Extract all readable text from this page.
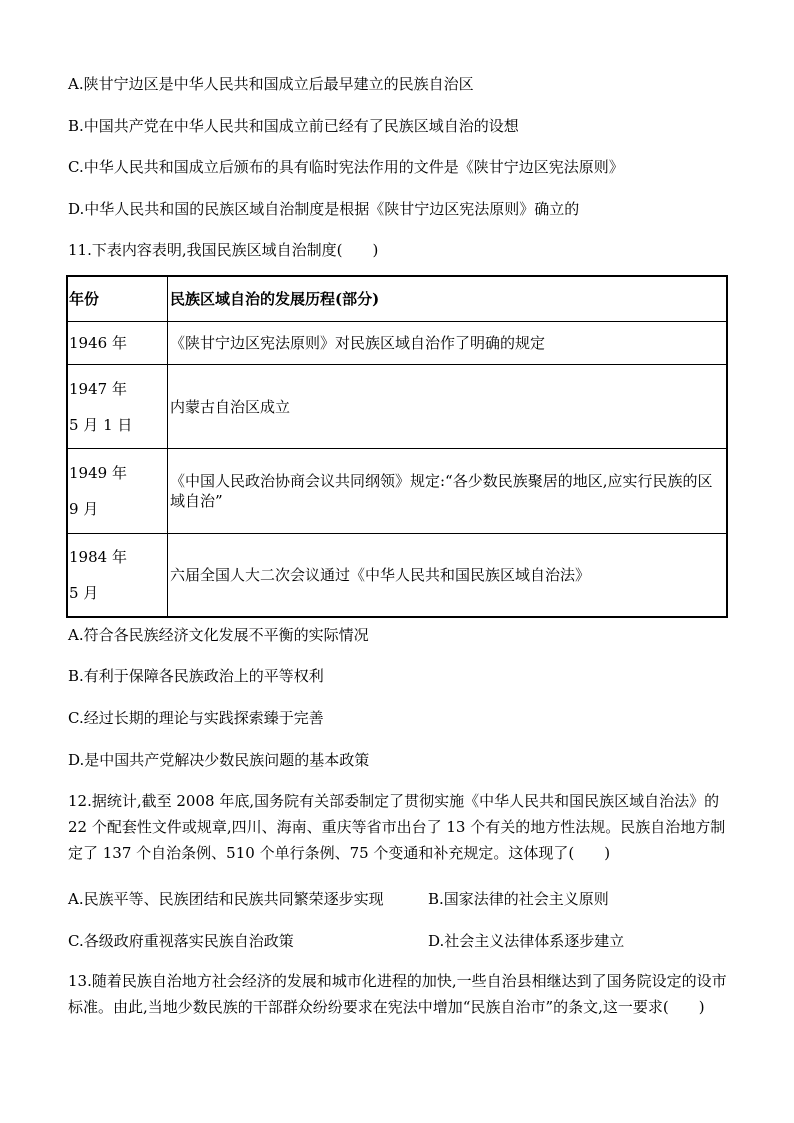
A.陕甘宁边区是中华人民共和国成立后最早建立的民族自治区
B.中国共产党在中华人民共和国成立前已经有了民族区域自治的设想
C.中华人民共和国成立后颁布的具有临时宪法作用的文件是《陕甘宁边区宪法原则》
D.中华人民共和国的民族区域自治制度是根据《陕甘宁边区宪法原则》确立的
11.下表内容表明,我国民族区域自治制度(　　)
年份	民族区域自治的发展历程(部分)
1946 年	《陕甘宁边区宪法原则》对民族区域自治作了明确的规定

1947 年
5 月 1 日	内蒙古自治区成立

1949 年
9 月	《中国人民政治协商会议共同纲领》规定:“各少数民族聚居的地区,应实行民族的区域自治”

1984 年
5 月	六届全国人大二次会议通过《中华人民共和国民族区域自治法》
A.符合各民族经济文化发展不平衡的实际情况
B.有利于保障各民族政治上的平等权利
C.经过长期的理论与实践探索臻于完善
D.是中国共产党解决少数民族问题的基本政策
12.据统计,截至 2008 年底,国务院有关部委制定了贯彻实施《中华人民共和国民族区域自治法》的 22 个配套性文件或规章,四川、海南、重庆等省市出台了 13 个有关的地方性法规。民族自治地方制定了 137 个自治条例、510 个单行条例、75 个变通和补充规定。这体现了(　　)
A.民族平等、民族团结和民族共同繁荣逐步实现	B.国家法律的社会主义原则
C.各级政府重视落实民族自治政策	D.社会主义法律体系逐步建立
13.随着民族自治地方社会经济的发展和城市化进程的加快,一些自治县相继达到了国务院设定的设市标准。由此,当地少数民族的干部群众纷纷要求在宪法中增加“民族自治市”的条文,这一要求(　　)
